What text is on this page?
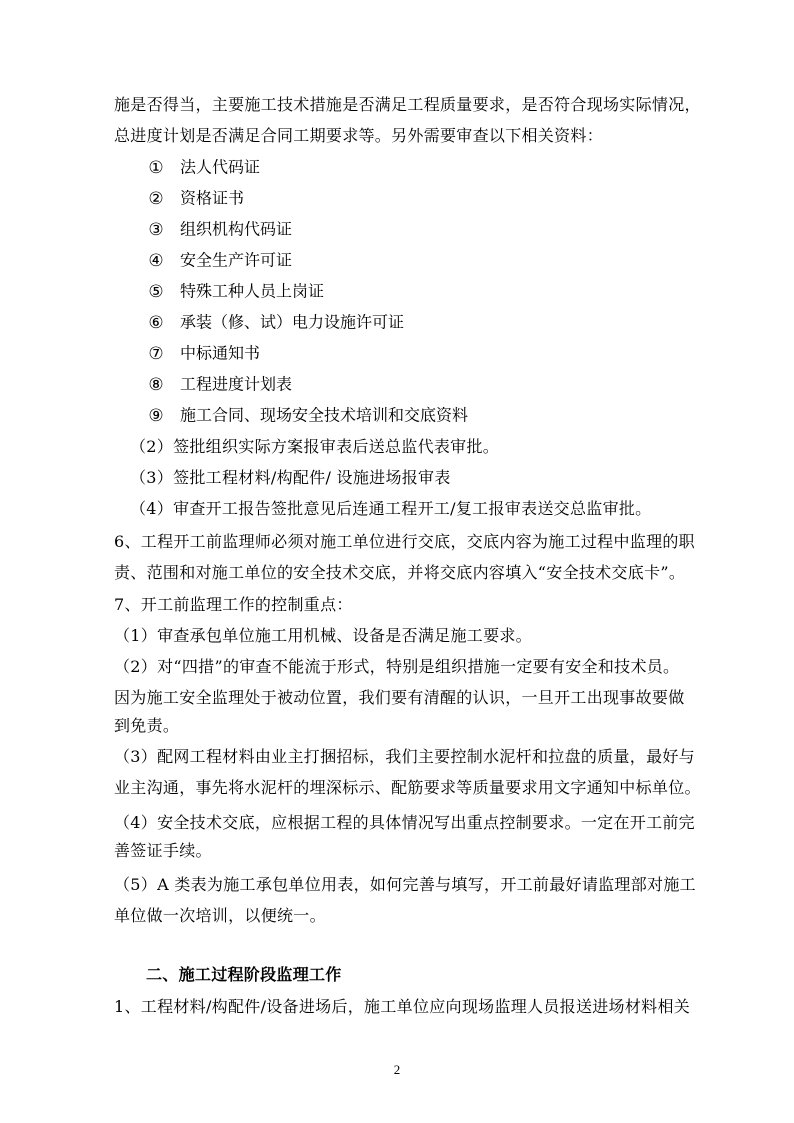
施是否得当，主要施工技术措施是否满足工程质量要求，是否符合现场实际情况，
总进度计划是否满足合同工期要求等。另外需要审查以下相关资料：
① 法人代码证
② 资格证书
③ 组织机构代码证
④ 安全生产许可证
⑤ 特殊工种人员上岗证
⑥ 承装（修、试）电力设施许可证
⑦ 中标通知书
⑧ 工程进度计划表
⑨ 施工合同、现场安全技术培训和交底资料
（2）签批组织实际方案报审表后送总监代表审批。
（3）签批工程材料/构配件/ 设施进场报审表
（4）审查开工报告签批意见后连通工程开工/复工报审表送交总监审批。
6、工程开工前监理师必须对施工单位进行交底，交底内容为施工过程中监理的职
责、范围和对施工单位的安全技术交底，并将交底内容填入“安全技术交底卡”。
7、开工前监理工作的控制重点：
（1）审查承包单位施工用机械、设备是否满足施工要求。
（2）对“四措”的审查不能流于形式，特别是组织措施一定要有安全和技术员。
因为施工安全监理处于被动位置，我们要有清醒的认识，一旦开工出现事故要做
到免责。
（3）配网工程材料由业主打捆招标，我们主要控制水泥杆和拉盘的质量，最好与
业主沟通，事先将水泥杆的埋深标示、配筋要求等质量要求用文字通知中标单位。
（4）安全技术交底，应根据工程的具体情况写出重点控制要求。一定在开工前完
善签证手续。
（5）A 类表为施工承包单位用表，如何完善与填写，开工前最好请监理部对施工
单位做一次培训，以便统一。
二、施工过程阶段监理工作
1、工程材料/构配件/设备进场后，施工单位应向现场监理人员报送进场材料相关
2
